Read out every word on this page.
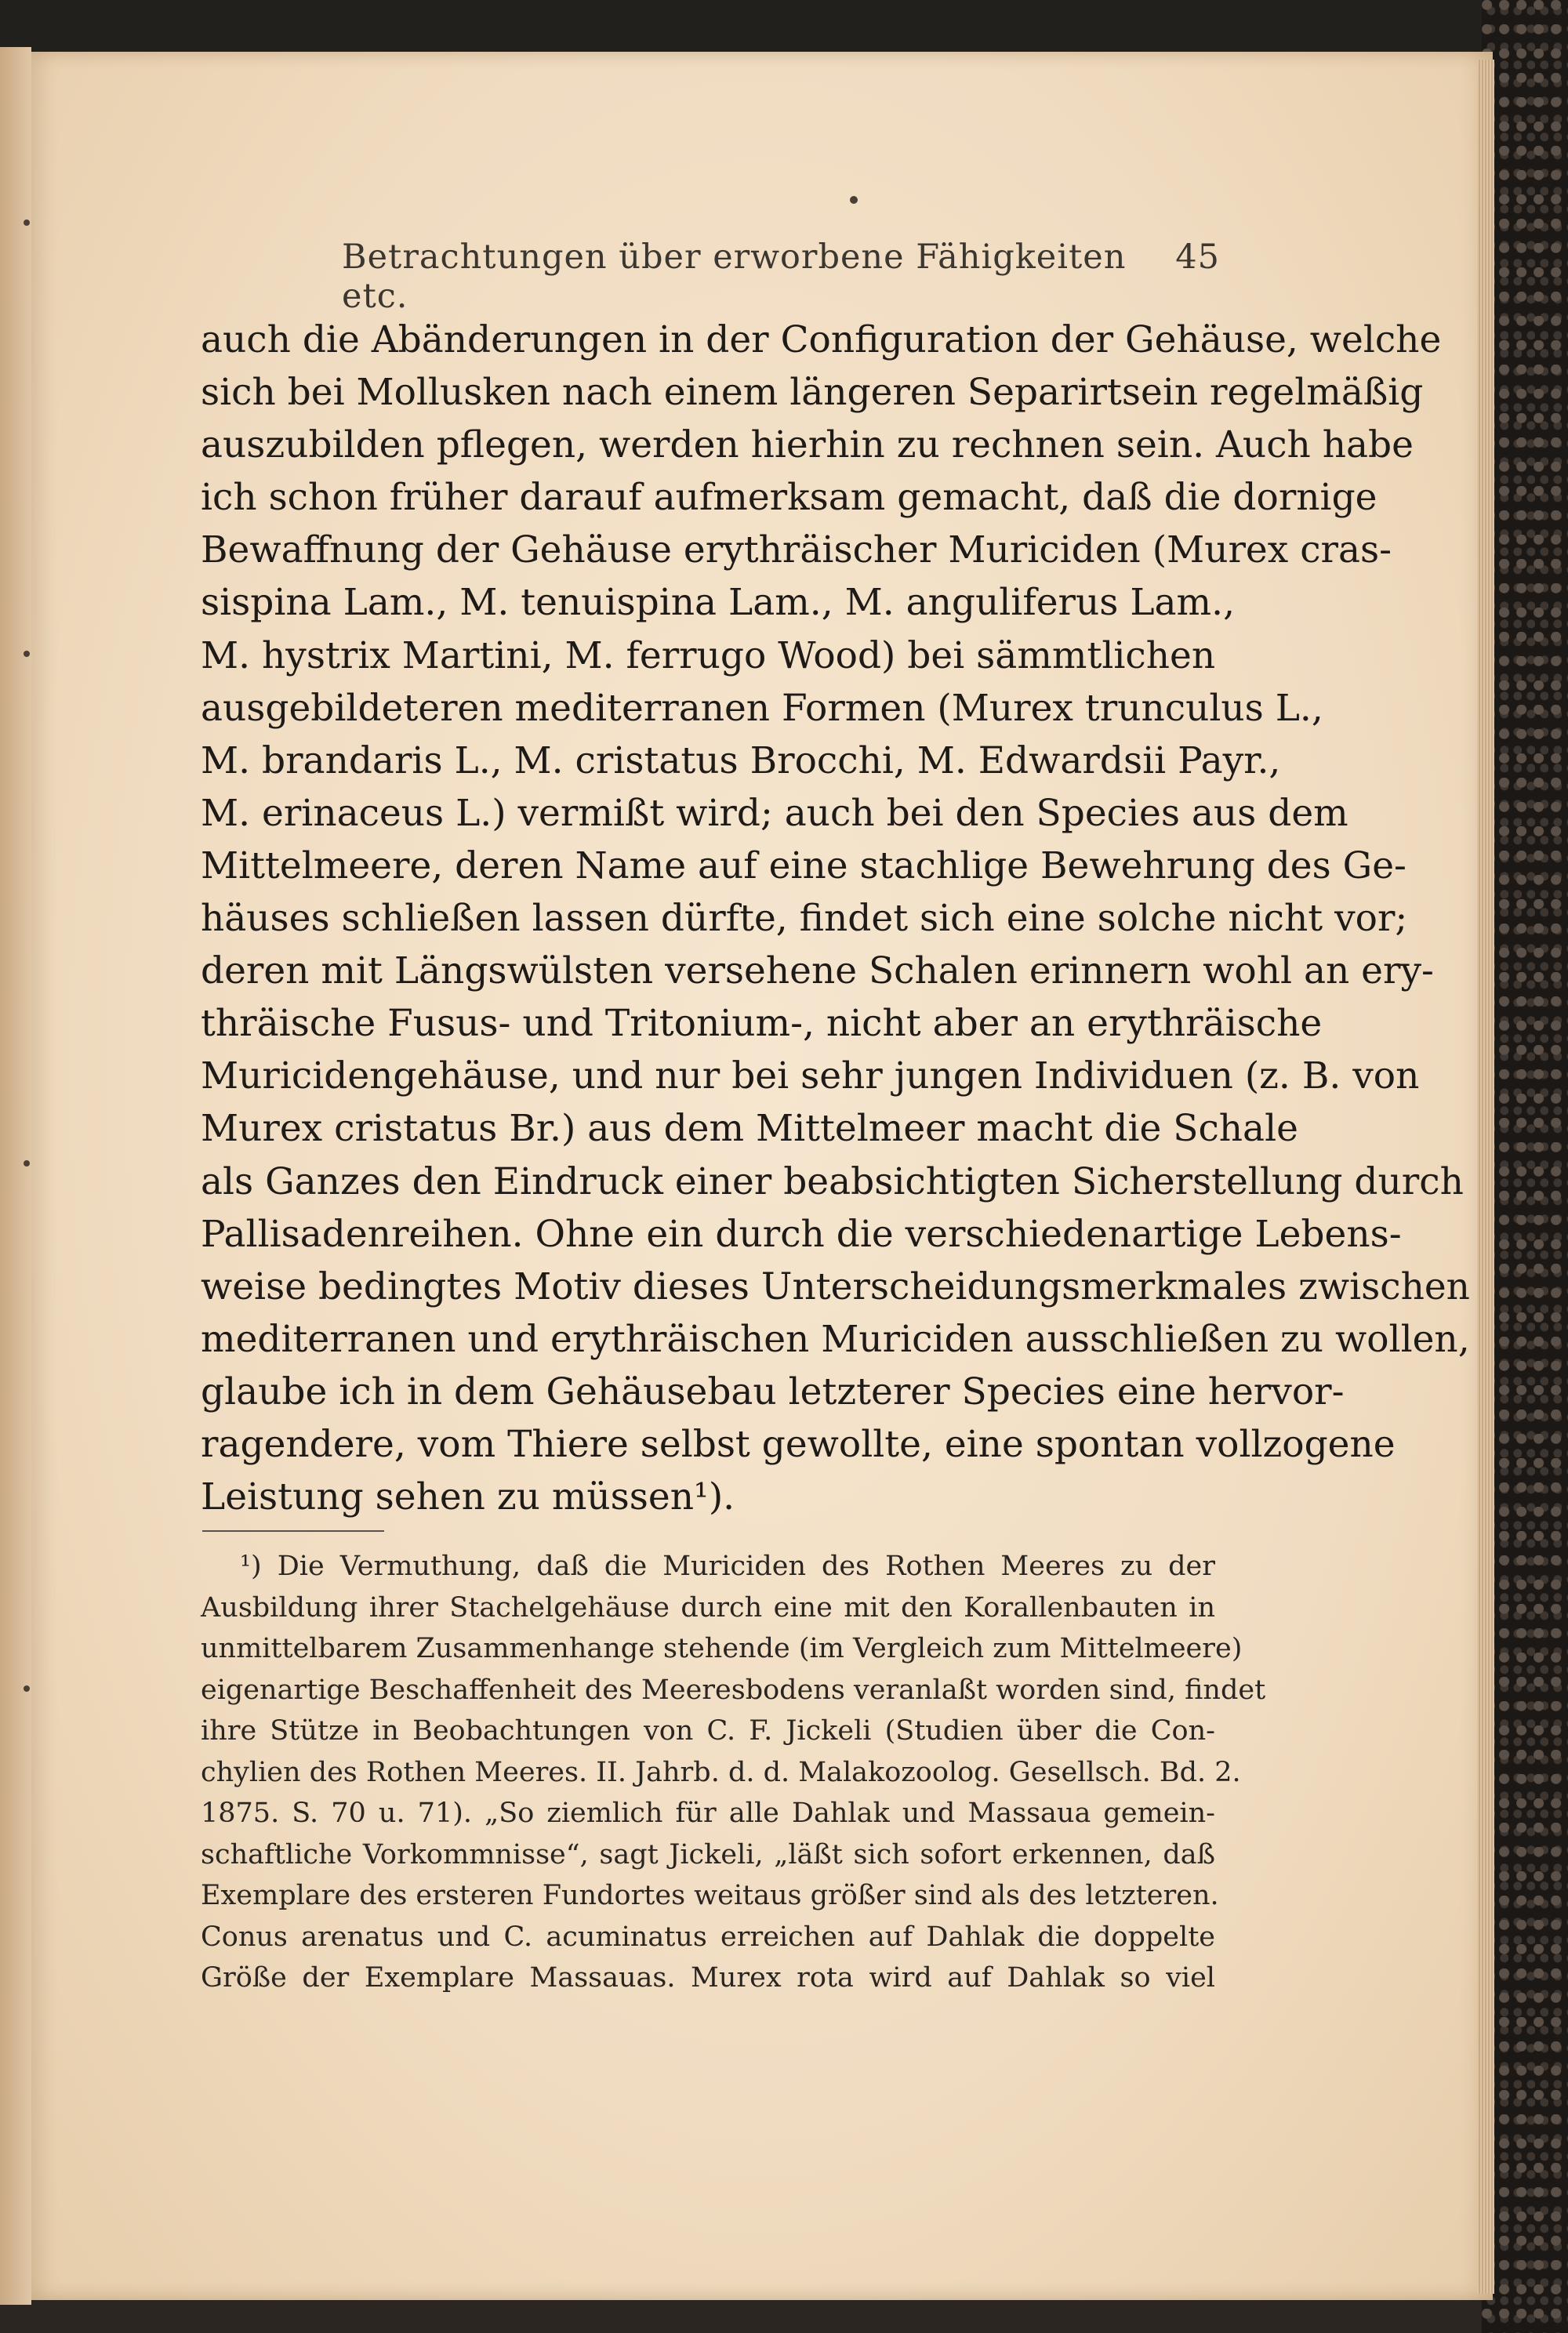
Betrachtungen über erworbene Fähigkeiten etc.
45
auch die Abänderungen in der Configuration der Gehäuse, welche
sich bei Mollusken nach einem längeren Separirtsein regelmäßig
auszubilden pflegen, werden hierhin zu rechnen sein. Auch habe
ich schon früher darauf aufmerksam gemacht, daß die dornige
Bewaffnung der Gehäuse erythräischer Muriciden (Murex cras-
sispina Lam., M. tenuispina Lam., M. anguliferus Lam.,
M. hystrix Martini, M. ferrugo Wood) bei sämmtlichen
ausgebildeteren mediterranen Formen (Murex trunculus L.,
M. brandaris L., M. cristatus Brocchi, M. Edwardsii Payr.,
M. erinaceus L.) vermißt wird; auch bei den Species aus dem
Mittelmeere, deren Name auf eine stachlige Bewehrung des Ge-
häuses schließen lassen dürfte, findet sich eine solche nicht vor;
deren mit Längswülsten versehene Schalen erinnern wohl an ery-
thräische Fusus- und Tritonium-, nicht aber an erythräische
Muricidengehäuse, und nur bei sehr jungen Individuen (z. B. von
Murex cristatus Br.) aus dem Mittelmeer macht die Schale
als Ganzes den Eindruck einer beabsichtigten Sicherstellung durch
Pallisadenreihen. Ohne ein durch die verschiedenartige Lebens-
weise bedingtes Motiv dieses Unterscheidungsmerkmales zwischen
mediterranen und erythräischen Muriciden ausschließen zu wollen,
glaube ich in dem Gehäusebau letzterer Species eine hervor-
ragendere, vom Thiere selbst gewollte, eine spontan vollzogene
Leistung sehen zu müssen¹).
¹) Die Vermuthung, daß die Muriciden des Rothen Meeres zu der
Ausbildung ihrer Stachelgehäuse durch eine mit den Korallenbauten in
unmittelbarem Zusammenhange stehende (im Vergleich zum Mittelmeere)
eigenartige Beschaffenheit des Meeresbodens veranlaßt worden sind, findet
ihre Stütze in Beobachtungen von C. F. Jickeli (Studien über die Con-
chylien des Rothen Meeres. II. Jahrb. d. d. Malakozoolog. Gesellsch. Bd. 2.
1875. S. 70 u. 71). „So ziemlich für alle Dahlak und Massaua gemein-
schaftliche Vorkommnisse“, sagt Jickeli, „läßt sich sofort erkennen, daß
Exemplare des ersteren Fundortes weitaus größer sind als des letzteren.
Conus arenatus und C. acuminatus erreichen auf Dahlak die doppelte
Größe der Exemplare Massauas. Murex rota wird auf Dahlak so viel
